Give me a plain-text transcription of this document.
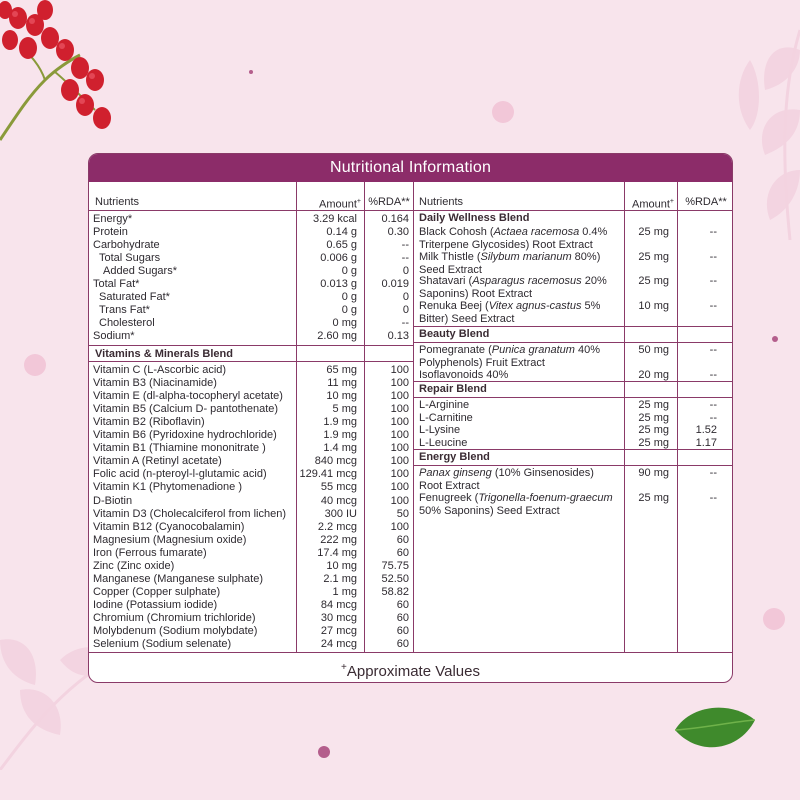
Nutritional Information
Nutrients	Amount+ %RDA** Nutrients	Amount+	%RDA**
Vitamins & Minerals Blend
Daily Wellness Blend
Beauty Blend
Repair Blend
Energy Blend
+Approximate Values
Energy*	3.29 kcal	0.164
Protein	0.14 g	0.30
Carbohydrate	0.65 g	--
Total Sugars	0.006 g	--
Added Sugars*	0 g	0
Total Fat*	0.013 g	0.019
Saturated Fat*	0 g	0
Trans Fat*	0 g	0
Cholesterol	0 mg	--
Sodium*	2.60 mg	0.13
Vitamin C (L-Ascorbic acid)	65 mg	100
Vitamin B3 (Niacinamide)	11 mg	100
Vitamin E (dl-alpha-tocopheryl acetate)	10 mg	100
Vitamin B5 (Calcium D- pantothenate)	5 mg	100
Vitamin B2 (Riboflavin)	1.9 mg	100
Vitamin B6 (Pyridoxine hydrochloride)	1.9 mg	100
Vitamin B1 (Thiamine mononitrate )	1.4 mg	100
Vitamin A (Retinyl acetate)	840 mcg	100
Folic acid (n-pteroyl-l-glutamic acid)	129.41 mcg	100
Vitamin K1 (Phytomenadione )	55 mcg	100
D-Biotin	40 mcg	100
Vitamin D3 (Cholecalciferol from lichen)	300 IU	50
Vitamin B12 (Cyanocobalamin)	2.2 mcg	100
Magnesium (Magnesium oxide)	222 mg	60
Iron (Ferrous fumarate)	17.4 mg	60
Zinc (Zinc oxide)	10 mg	75.75
Manganese (Manganese sulphate)	2.1 mg	52.50
Copper (Copper sulphate)	1 mg	58.82
Iodine (Potassium iodide)	84 mcg	60
Chromium (Chromium trichloride)	30 mcg	60
Molybdenum (Sodium molybdate)	27 mcg	60
Selenium (Sodium selenate)	24 mcg	60
Black Cohosh (Actaea racemosa 0.4%
Triterpene Glycosides) Root Extract
25 mg	--
Milk Thistle (Silybum marianum 80%)
Seed Extract
25 mg	--
Shatavari (Asparagus racemosus 20%
Saponins) Root Extract
25 mg	--
Renuka Beej (Vitex agnus-castus 5%
Bitter) Seed Extract
10 mg	--
Pomegranate (Punica granatum 40%
Polyphenols) Fruit Extract
50 mg	--
Isoflavonoids 40%	20 mg	--
L-Arginine	25 mg	--
L-Carnitine	25 mg	--
L-Lysine	25 mg	1.52
L-Leucine	25 mg	1.17
Panax ginseng (10% Ginsenosides)
Root Extract
90 mg	--
Fenugreek (Trigonella-foenum-graecum
50% Saponins) Seed Extract
25 mg	--
